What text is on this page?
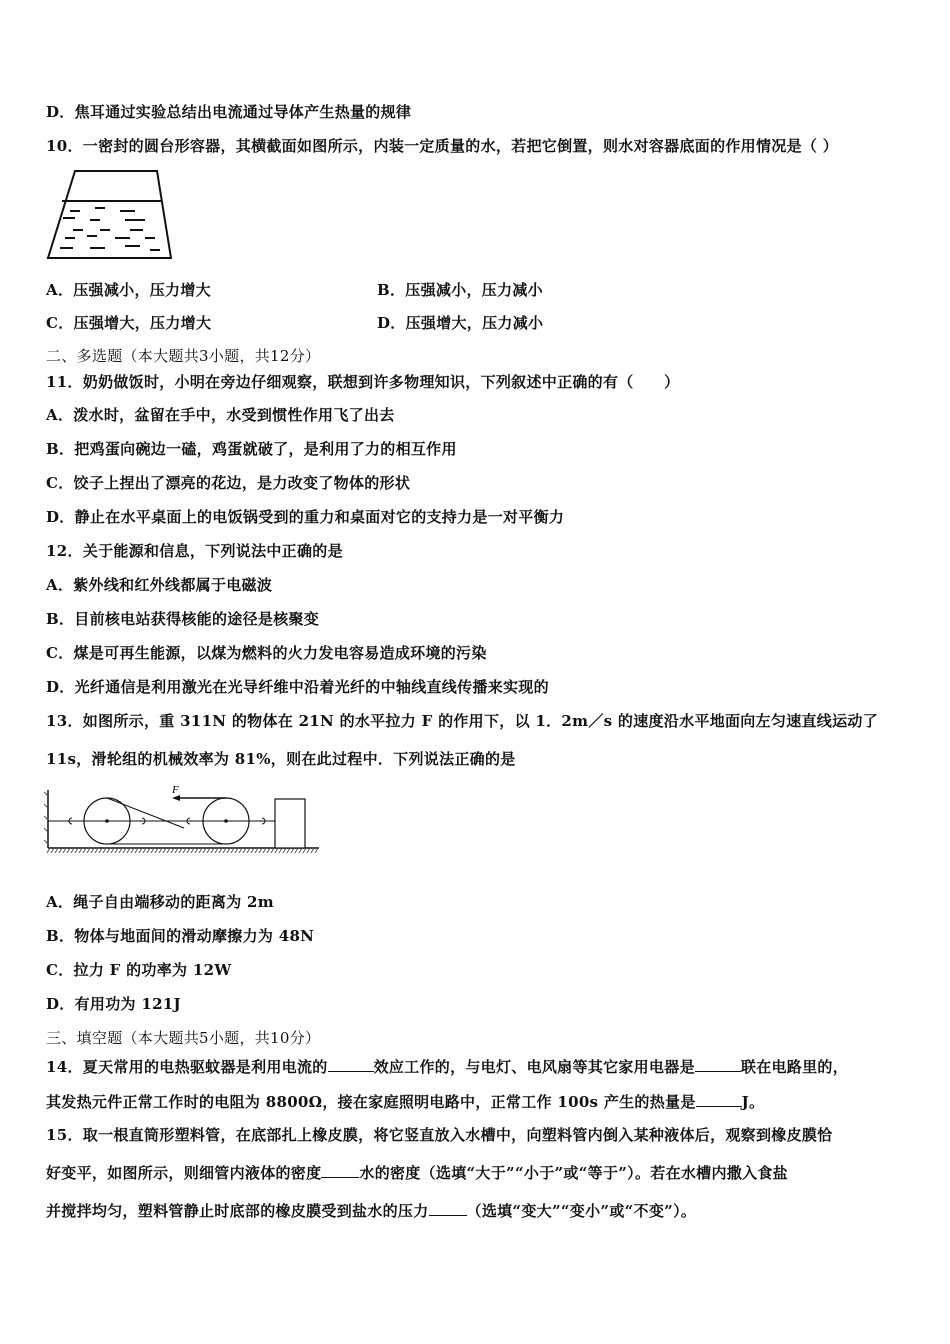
D．焦耳通过实验总结出电流通过导体产生热量的规律
10．一密封的圆台形容器，其横截面如图所示，内装一定质量的水，若把它倒置，则水对容器底面的作用情况是（ ）
A．压强减小，压力增大	B．压强减小，压力减小
C．压强增大，压力增大	D．压强增大，压力减小
二、多选题（本大题共3小题，共12分）
11．奶奶做饭时，小明在旁边仔细观察，联想到许多物理知识，下列叙述中正确的有（　　）
A．泼水时，盆留在手中，水受到惯性作用飞了出去
B．把鸡蛋向碗边一磕，鸡蛋就破了，是利用了力的相互作用
C．饺子上捏出了漂亮的花边，是力改变了物体的形状
D．静止在水平桌面上的电饭锅受到的重力和桌面对它的支持力是一对平衡力
12．关于能源和信息，下列说法中正确的是
A．紫外线和红外线都属于电磁波
B．目前核电站获得核能的途径是核聚变
C．煤是可再生能源，以煤为燃料的火力发电容易造成环境的污染
D．光纤通信是利用激光在光导纤维中沿着光纤的中轴线直线传播来实现的
13．如图所示，重 311N 的物体在 21N 的水平拉力 F 的作用下，以 1．2m／s 的速度沿水平地面向左匀速直线运动了
11s，滑轮组的机械效率为 81%，则在此过程中．下列说法正确的是
F
A．绳子自由端移动的距离为 2m
B．物体与地面间的滑动摩擦力为 48N
C．拉力 F 的功率为 12W
D．有用功为 121J
三、填空题（本大题共5小题，共10分）
14．夏天常用的电热驱蚊器是利用电流的	效应工作的，与电灯、电风扇等其它家用电器是	联在电路里的，
其发热元件正常工作时的电阻为 8800Ω，接在家庭照明电路中，正常工作 100s 产生的热量是	J。
15．取一根直筒形塑料管，在底部扎上橡皮膜，将它竖直放入水槽中，向塑料管内倒入某种液体后，观察到橡皮膜恰
好变平，如图所示，则细管内液体的密度	水的密度（选填“大于”“小于”或“等于”）。若在水槽内撒入食盐
并搅拌均匀，塑料管静止时底部的橡皮膜受到盐水的压力	（选填“变大”“变小”或“不变”）。
